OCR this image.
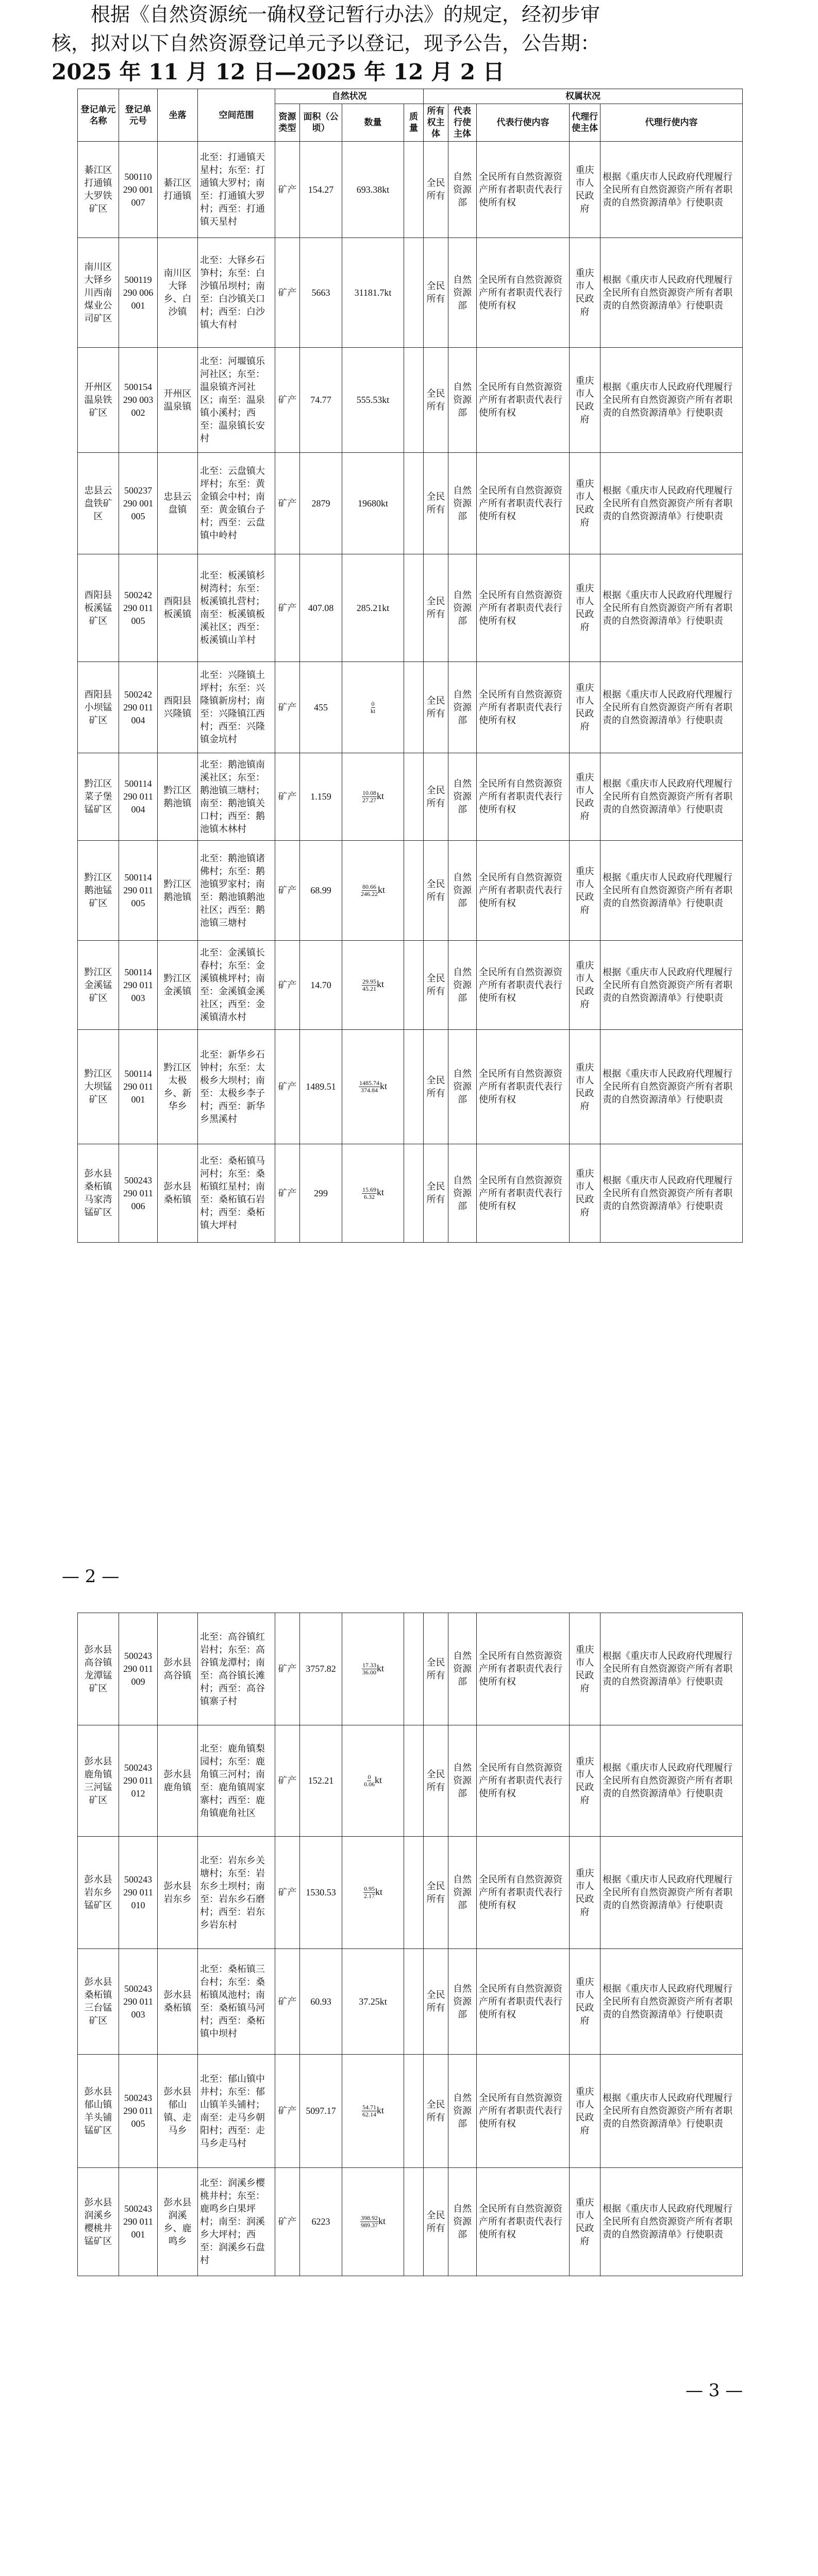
根据《自然资源统一确权登记暂行办法》的规定，经初步审

核，拟对以下自然资源登记单元予以登记，现予公告，公告期：

2025 年 11 月 12 日—2025 年 12 月 2 日

登记单元名称	登记单元号	坐落	空间范围	自然状况				权属状况				
				资源类型	面积（公顷）	数量	质量	所有权主体	代表行使主体	代表行使内容	代理行使主体	代理行使内容
綦江区打通镇大罗铁矿区	500110 290 001007	綦江区打通镇	北至：打通镇天星村；东至：打通镇大罗村；南至：打通镇大罗村；西至：打通镇天星村	矿产	154.27	693.38kt		全民所有	自然资源部	全民所有自然资源资产所有者职责代表行使所有权	重庆市人民政府	根据《重庆市人民政府代理履行全民所有自然资源资产所有者职责的自然资源清单》行使职责
南川区大铎乡川西南煤业公司矿区	500119 290 006001	南川区大铎乡、白沙镇	北至：大铎乡石笋村；东至：白沙镇吊坝村；南至：白沙镇关口村；西至：白沙镇大有村	矿产	5663	31181.7kt		全民所有	自然资源部	全民所有自然资源资产所有者职责代表行使所有权	重庆市人民政府	根据《重庆市人民政府代理履行全民所有自然资源资产所有者职责的自然资源清单》行使职责
开州区温泉铁矿区	500154 290 003002	开州区温泉镇	北至：河堰镇乐河社区；东至：温泉镇齐河社区；南至：温泉镇小溪村；西至：温泉镇长安村	矿产	74.77	555.53kt		全民所有	自然资源部	全民所有自然资源资产所有者职责代表行使所有权	重庆市人民政府	根据《重庆市人民政府代理履行全民所有自然资源资产所有者职责的自然资源清单》行使职责
忠县云盘铁矿区	500237 290 001005	忠县云盘镇	北至：云盘镇大坪村；东至：黄金镇会中村；南至：黄金镇台子村；西至：云盘镇中岭村	矿产	2879	19680kt		全民所有	自然资源部	全民所有自然资源资产所有者职责代表行使所有权	重庆市人民政府	根据《重庆市人民政府代理履行全民所有自然资源资产所有者职责的自然资源清单》行使职责
酉阳县板溪锰矿区	500242 290 011005	酉阳县板溪镇	北至：板溪镇杉树湾村；东至：板溪镇扎营村；南至：板溪镇板溪社区；西至：板溪镇山羊村	矿产	407.08	285.21kt		全民所有	自然资源部	全民所有自然资源资产所有者职责代表行使所有权	重庆市人民政府	根据《重庆市人民政府代理履行全民所有自然资源资产所有者职责的自然资源清单》行使职责
酉阳县小坝锰矿区	500242 290 011004	酉阳县兴隆镇	北至：兴隆镇土坪村；东至：兴隆镇新房村；南至：兴隆镇江西村；西至：兴隆镇金坑村	矿产	455	$\frac{0}{kt}$		全民所有	自然资源部	全民所有自然资源资产所有者职责代表行使所有权	重庆市人民政府	根据《重庆市人民政府代理履行全民所有自然资源资产所有者职责的自然资源清单》行使职责
黔江区菜子堡锰矿区	500114 290 011004	黔江区鹅池镇	北至：鹅池镇南溪社区；东至：鹅池镇三塘村；南至：鹅池镇关口村；西至：鹅池镇木林村	矿产	1.159	$\frac{10.08}{27.27}$ kt		全民所有	自然资源部	全民所有自然资源资产所有者职责代表行使所有权	重庆市人民政府	根据《重庆市人民政府代理履行全民所有自然资源资产所有者职责的自然资源清单》行使职责
黔江区鹅池锰矿区	500114 290 011005	黔江区鹅池镇	北至：鹅池镇诸佛村；东至：鹅池镇罗家村；南至：鹅池镇鹅池社区；西至：鹅池镇三塘村	矿产	68.99	$\frac{80.66}{246.22}$ kt		全民所有	自然资源部	全民所有自然资源资产所有者职责代表行使所有权	重庆市人民政府	根据《重庆市人民政府代理履行全民所有自然资源资产所有者职责的自然资源清单》行使职责
黔江区金溪锰矿区	500114 290 011003	黔江区金溪镇	北至：金溪镇长春村；东至：金溪镇桃坪村；南至：金溪镇金溪社区；西至：金溪镇清水村	矿产	14.70	$\frac{29.95}{45.21}$ kt		全民所有	自然资源部	全民所有自然资源资产所有者职责代表行使所有权	重庆市人民政府	根据《重庆市人民政府代理履行全民所有自然资源资产所有者职责的自然资源清单》行使职责
黔江区大坝锰矿区	500114 290 011001	黔江区太极乡、新华乡	北至：新华乡石钟村；东至：太极乡大坝村；南至：太极乡李子村；西至：新华乡黑溪村	矿产	1489.51	$\frac{1485.74}{374.84}$ kt		全民所有	自然资源部	全民所有自然资源资产所有者职责代表行使所有权	重庆市人民政府	根据《重庆市人民政府代理履行全民所有自然资源资产所有者职责的自然资源清单》行使职责
彭水县桑柘镇马家湾锰矿区	500243 290 011006	彭水县桑柘镇	北至：桑柘镇马河村；东至：桑柘镇红星村；南至：桑柘镇石岩村；西至：桑柘镇大坪村	矿产	299	$\frac{15.69}{6.32}$ kt		全民所有	自然资源部	全民所有自然资源资产所有者职责代表行使所有权	重庆市人民政府	根据《重庆市人民政府代理履行全民所有自然资源资产所有者职责的自然资源清单》行使职责
— 2 —
彭水县高谷镇龙潭锰矿区	500243 290 011009	彭水县高谷镇	北至：高谷镇红岩村；东至：高谷镇龙潭村；南至：高谷镇长滩村；西至：高谷镇寨子村	矿产	3757.82	$\frac{17.33}{36.00}$ kt		全民所有	自然资源部	全民所有自然资源资产所有者职责代表行使所有权	重庆市人民政府	根据《重庆市人民政府代理履行全民所有自然资源资产所有者职责的自然资源清单》行使职责
彭水县鹿角镇三河锰矿区	500243 290 011012	彭水县鹿角镇	北至：鹿角镇梨园村；东至：鹿角镇三河村；南至：鹿角镇周家寨村；西至：鹿角镇鹿角社区	矿产	152.21	$\frac{0}{0.06}$ kt		全民所有	自然资源部	全民所有自然资源资产所有者职责代表行使所有权	重庆市人民政府	根据《重庆市人民政府代理履行全民所有自然资源资产所有者职责的自然资源清单》行使职责
彭水县岩东乡锰矿区	500243 290 011010	彭水县岩东乡	北至：岩东乡关塘村；东至：岩东乡土坝村；南至：岩东乡石磨村；西至：岩东乡岩东村	矿产	1530.53	$\frac{0.95}{2.17}$ kt		全民所有	自然资源部	全民所有自然资源资产所有者职责代表行使所有权	重庆市人民政府	根据《重庆市人民政府代理履行全民所有自然资源资产所有者职责的自然资源清单》行使职责
彭水县桑柘镇三台锰矿区	500243 290 011003	彭水县桑柘镇	北至：桑柘镇三台村；东至：桑柘镇凤池村；南至：桑柘镇马河村；西至：桑柘镇中坝村	矿产	60.93	37.25kt		全民所有	自然资源部	全民所有自然资源资产所有者职责代表行使所有权	重庆市人民政府	根据《重庆市人民政府代理履行全民所有自然资源资产所有者职责的自然资源清单》行使职责
彭水县郁山镇羊头铺锰矿区	500243 290 011005	彭水县郁山镇、走马乡	北至：郁山镇中井村；东至：郁山镇羊头铺村；南至：走马乡朝阳村；西至：走马乡走马村	矿产	5097.17	$\frac{54.71}{62.14}$ kt		全民所有	自然资源部	全民所有自然资源资产所有者职责代表行使所有权	重庆市人民政府	根据《重庆市人民政府代理履行全民所有自然资源资产所有者职责的自然资源清单》行使职责
彭水县润溪乡樱桃井锰矿区	500243 290 011001	彭水县润溪乡、鹿鸣乡	北至：润溪乡樱桃井村；东至：鹿鸣乡白果坪村；南至：润溪乡大坪村；西至：润溪乡石盘村	矿产	6223	$\frac{398.92}{989.37}$ kt		全民所有	自然资源部	全民所有自然资源资产所有者职责代表行使所有权	重庆市人民政府	根据《重庆市人民政府代理履行全民所有自然资源资产所有者职责的自然资源清单》行使职责
— 3 —
